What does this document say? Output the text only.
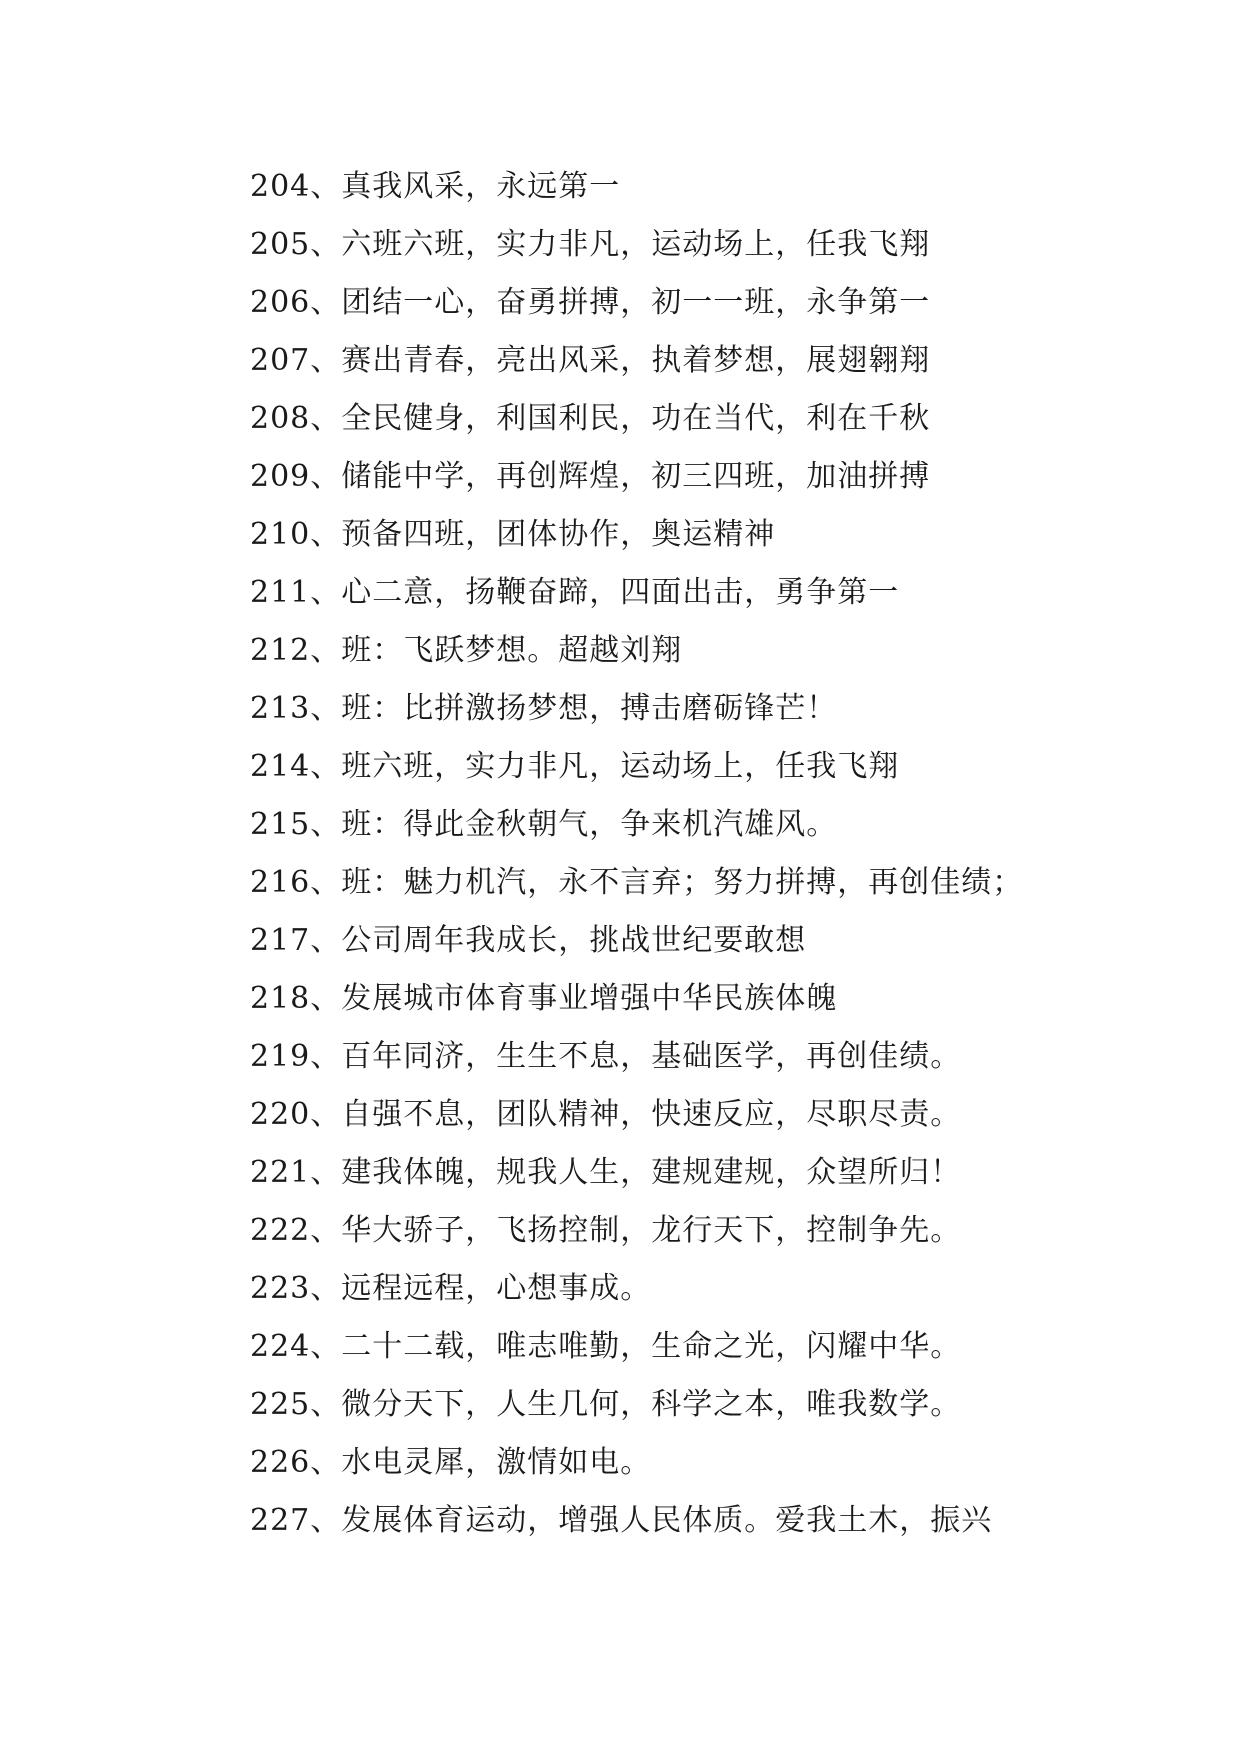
204、真我风采，永远第一
205、六班六班，实力非凡，运动场上，任我飞翔
206、团结一心，奋勇拼搏，初一一班，永争第一
207、赛出青春，亮出风采，执着梦想，展翅翱翔
208、全民健身，利国利民，功在当代，利在千秋
209、储能中学，再创辉煌，初三四班，加油拼搏
210、预备四班，团体协作，奥运精神
211、心二意，扬鞭奋蹄，四面出击，勇争第一
212、班：飞跃梦想。超越刘翔
213、班：比拼激扬梦想，搏击磨砺锋芒！
214、班六班，实力非凡，运动场上，任我飞翔
215、班：得此金秋朝气，争来机汽雄风。
216、班：魅力机汽，永不言弃；努力拼搏，再创佳绩；
217、公司周年我成长，挑战世纪要敢想
218、发展城市体育事业增强中华民族体魄
219、百年同济，生生不息，基础医学，再创佳绩。
220、自强不息，团队精神，快速反应，尽职尽责。
221、建我体魄，规我人生，建规建规，众望所归！
222、华大骄子，飞扬控制，龙行天下，控制争先。
223、远程远程，心想事成。
224、二十二载，唯志唯勤，生命之光，闪耀中华。
225、微分天下，人生几何，科学之本，唯我数学。
226、水电灵犀，激情如电。
227、发展体育运动，增强人民体质。爱我土木，振兴
